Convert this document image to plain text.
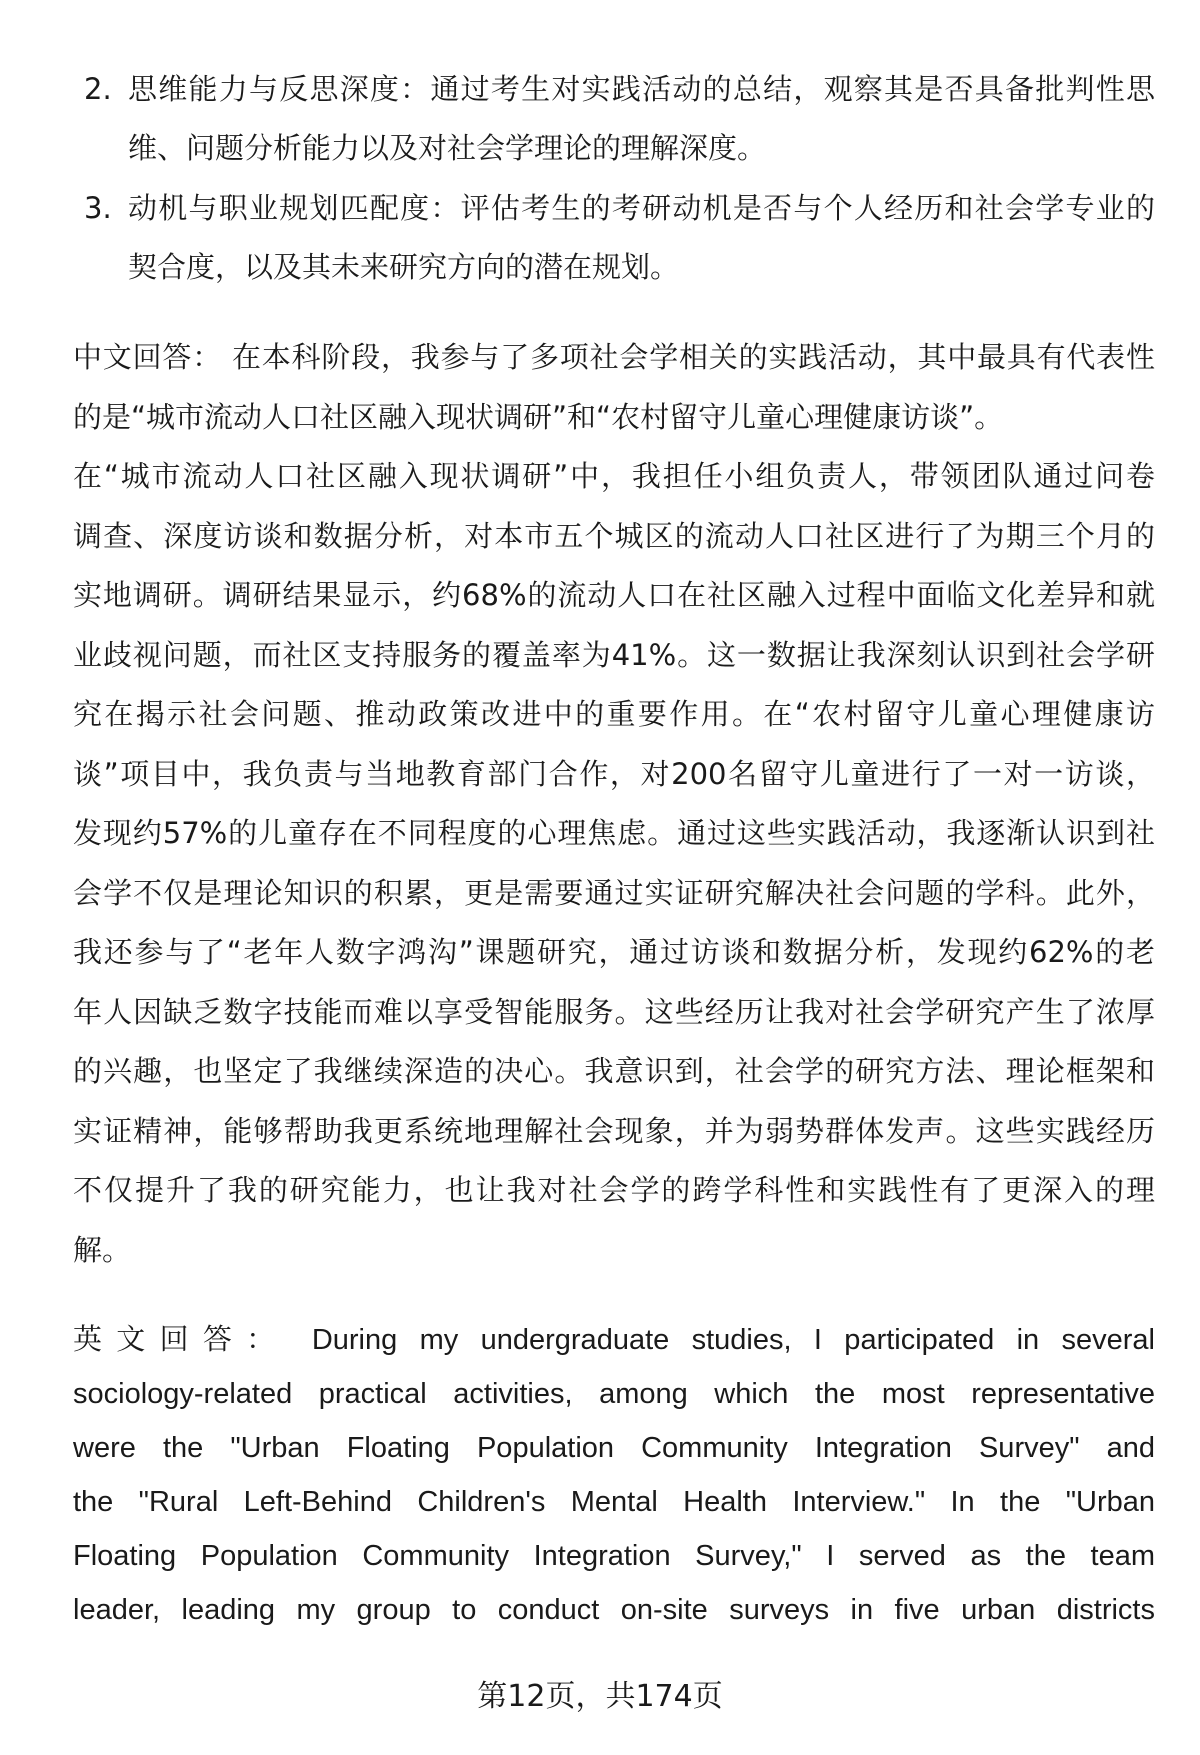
2. 思维能力与反思深度：通过考生对实践活动的总结，观察其是否具备批判性思
维、问题分析能力以及对社会学理论的理解深度。
3. 动机与职业规划匹配度：评估考生的考研动机是否与个人经历和社会学专业的
契合度，以及其未来研究方向的潜在规划。
中文回答： 在本科阶段，我参与了多项社会学相关的实践活动，其中最具有代表性
的是“城市流动人口社区融入现状调研”和“农村留守儿童心理健康访谈”。
在“城市流动人口社区融入现状调研”中，我担任小组负责人，带领团队通过问卷
调查、深度访谈和数据分析，对本市五个城区的流动人口社区进行了为期三个月的
实地调研。调研结果显示，约68%的流动人口在社区融入过程中面临文化差异和就
业歧视问题，而社区支持服务的覆盖率为41%。这一数据让我深刻认识到社会学研
究在揭示社会问题、推动政策改进中的重要作用。在“农村留守儿童心理健康访
谈”项目中，我负责与当地教育部门合作，对200名留守儿童进行了一对一访谈，
发现约57%的儿童存在不同程度的心理焦虑。通过这些实践活动，我逐渐认识到社
会学不仅是理论知识的积累，更是需要通过实证研究解决社会问题的学科。此外，
我还参与了“老年人数字鸿沟”课题研究，通过访谈和数据分析，发现约62%的老
年人因缺乏数字技能而难以享受智能服务。这些经历让我对社会学研究产生了浓厚
的兴趣，也坚定了我继续深造的决心。我意识到，社会学的研究方法、理论框架和
实证精神，能够帮助我更系统地理解社会现象，并为弱势群体发声。这些实践经历
不仅提升了我的研究能力，也让我对社会学的跨学科性和实践性有了更深入的理
解。
英文回答： During my undergraduate studies, I participated in several
sociology-related practical activities, among which the most representative
were the "Urban Floating Population Community Integration Survey" and
the "Rural Left-Behind Children's Mental Health Interview." In the "Urban
Floating Population Community Integration Survey," I served as the team
leader, leading my group to conduct on-site surveys in five urban districts
第12页，共174页
